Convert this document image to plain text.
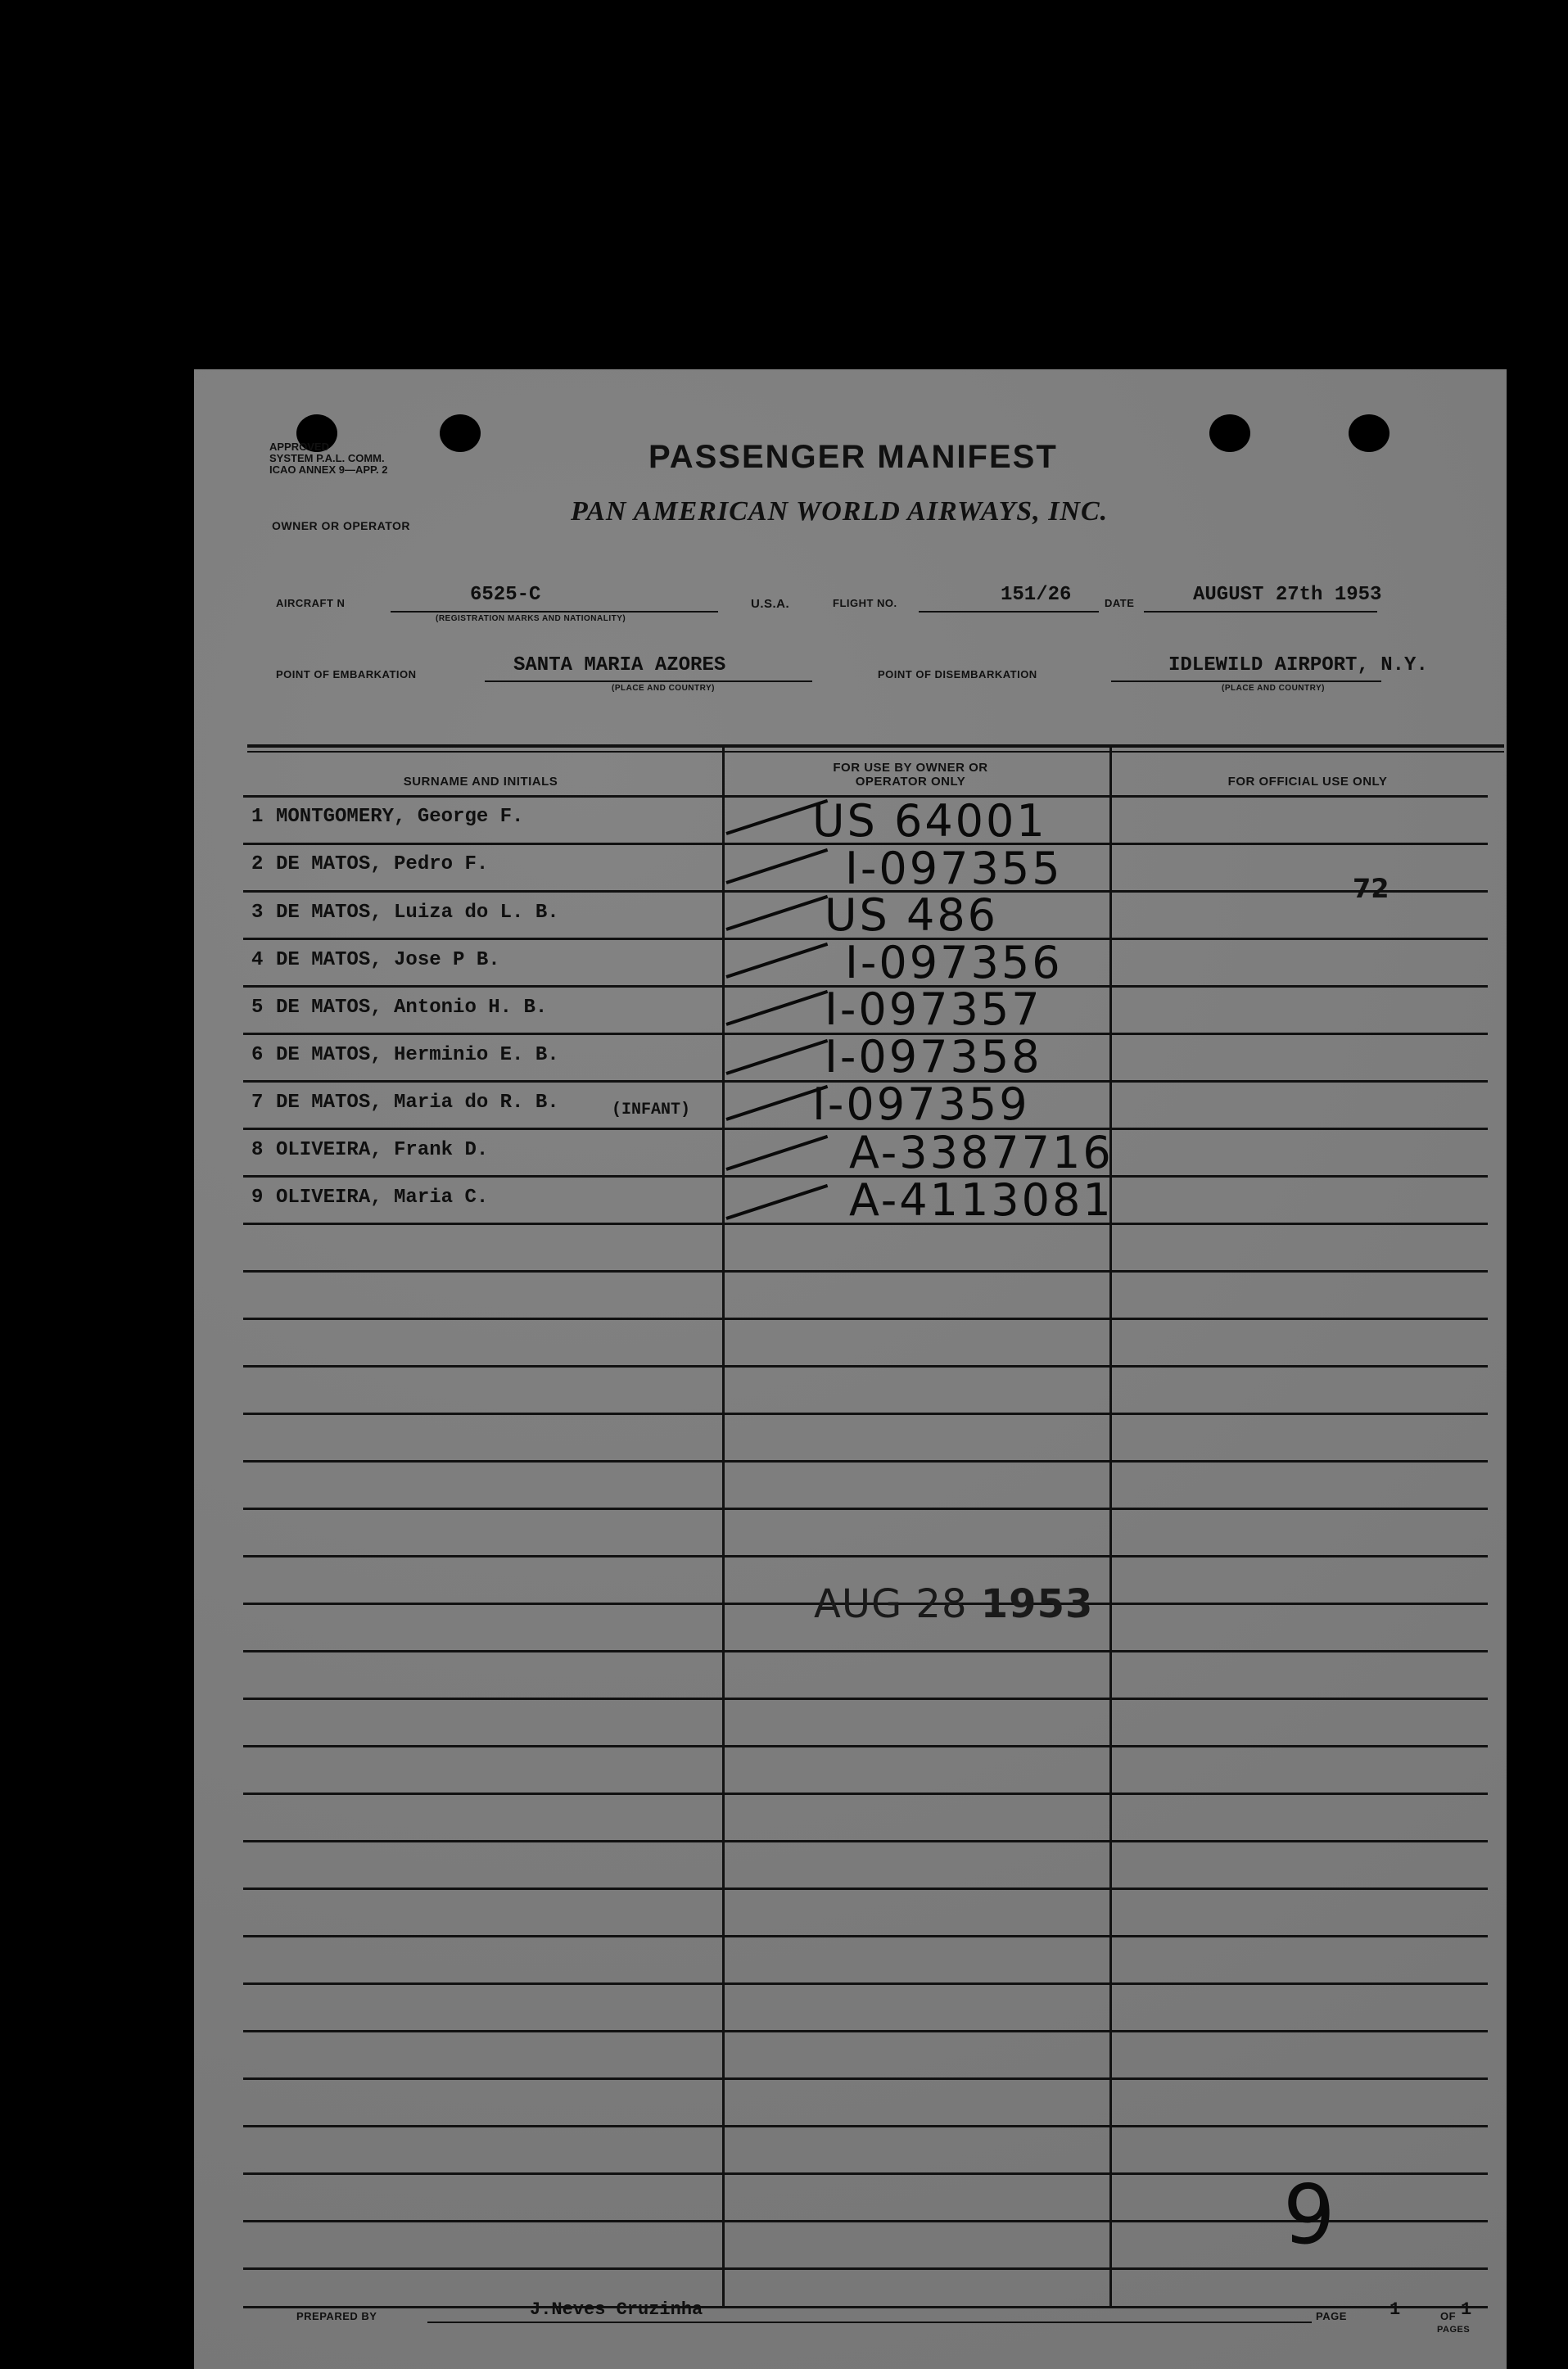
APPROVED
SYSTEM P.A.L. COMM.
ICAO ANNEX 9—APP. 2	PASSENGER MANIFEST
OWNER OR OPERATOR	PAN AMERICAN WORLD AIRWAYS, INC.
AIRCRAFT N	6525-C
(REGISTRATION MARKS AND NATIONALITY)
U.S.A.	FLIGHT NO.	151/26	DATE	AUGUST 27th 1953
POINT OF EMBARKATION	SANTA MARIA AZORES
(PLACE AND COUNTRY)
POINT OF DISEMBARKATION	IDLEWILD AIRPORT, N.Y.
(PLACE AND COUNTRY)
SURNAME AND INITIALS
FOR USE BY OWNER OR OPERATOR ONLY	FOR OFFICIAL USE ONLY
1 MONTGOMERY, George F.	US 64001
2 DE MATOS, Pedro F.	I-097355
3 DE MATOS, Luiza do L. B.	US 486
4 DE MATOS, Jose P B.	I-097356
5 DE MATOS, Antonio H. B.	I-097357
6 DE MATOS, Herminio E. B.	I-097358
7 DE MATOS, Maria do R. B.	(INFANT)	I-097359
8 OLIVEIRA, Frank D.	A-3387716
9 OLIVEIRA, Maria C.	A-4113081
AUG 28 1953
72
9
PREPARED BY	J.Neves Cruzinha	PAGE 1	OF 1
PAGES
